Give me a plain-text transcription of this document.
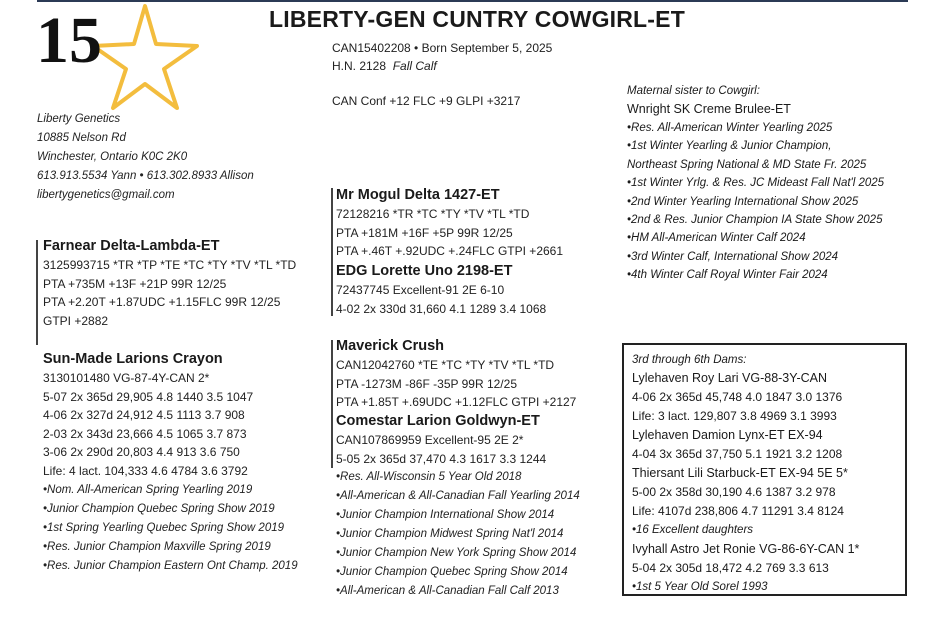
15	LIBERTY-GEN CUNTRY COWGIRL-ET
CAN15402208 • Born September 5, 2025
H.N. 2128  Fall Calf
CAN Conf +12 FLC +9 GLPI +3217
Liberty Genetics
10885 Nelson Rd
Winchester, Ontario K0C 2K0
613.913.5534 Yann • 613.302.8933 Allison
libertygenetics@gmail.com
Farnear Delta-Lambda-ET
3125993715 *TR *TP *TE *TC *TY *TV *TL *TD
PTA +735M +13F +21P 99R 12/25
PTA +2.20T +1.87UDC +1.15FLC 99R 12/25
GTPI +2882
Sun-Made Larions Crayon
3130101480 VG-87-4Y-CAN 2*
5-07 2x 365d 29,905 4.8 1440 3.5 1047
4-06 2x 327d 24,912 4.5 1113 3.7 908
2-03 2x 343d 23,666 4.5 1065 3.7 873
3-06 2x 290d 20,803 4.4 913 3.6 750
Life: 4 lact. 104,333 4.6 4784 3.6 3792
•Nom. All-American Spring Yearling 2019
•Junior Champion Quebec Spring Show 2019
•1st Spring Yearling Quebec Spring Show 2019
•Res. Junior Champion Maxville Spring 2019
•Res. Junior Champion Eastern Ont Champ. 2019
Mr Mogul Delta 1427-ET
72128216 *TR *TC *TY *TV *TL *TD
PTA +181M +16F +5P 99R 12/25
PTA +.46T +.92UDC +.24FLC GTPI +2661
EDG Lorette Uno 2198-ET
72437745 Excellent-91 2E 6-10
4-02 2x 330d 31,660 4.1 1289 3.4 1068
Maverick Crush
CAN12042760 *TE *TC *TY *TV *TL *TD
PTA -1273M -86F -35P 99R 12/25
PTA +1.85T +.69UDC +1.12FLC GTPI +2127
Comestar Larion Goldwyn-ET
CAN107869959 Excellent-95 2E 2*
5-05 2x 365d 37,470 4.3 1617 3.3 1244
•Res. All-Wisconsin 5 Year Old 2018
•All-American & All-Canadian Fall Yearling 2014
•Junior Champion International Show 2014
•Junior Champion Midwest Spring Nat'l 2014
•Junior Champion New York Spring Show 2014
•Junior Champion Quebec Spring Show 2014
•All-American & All-Canadian Fall Calf 2013
Maternal sister to Cowgirl:
Wnright SK Creme Brulee-ET
•Res. All-American Winter Yearling 2025
•1st Winter Yearling & Junior Champion,
Northeast Spring National & MD State Fr. 2025
•1st Winter Yrlg. & Res. JC Mideast Fall Nat'l 2025
•2nd Winter Yearling International Show 2025
•2nd & Res. Junior Champion IA State Show 2025
•HM All-American Winter Calf 2024
•3rd Winter Calf, International Show 2024
•4th Winter Calf Royal Winter Fair 2024
3rd through 6th Dams:
Lylehaven Roy Lari VG-88-3Y-CAN
4-06 2x 365d 45,748 4.0 1847 3.0 1376
Life: 3 lact. 129,807 3.8 4969 3.1 3993
Lylehaven Damion Lynx-ET EX-94
4-04 3x 365d 37,750 5.1 1921 3.2 1208
Thiersant Lili Starbuck-ET EX-94 5E 5*
5-00 2x 358d 30,190 4.6 1387 3.2 978
Life: 4107d 238,806 4.7 11291 3.4 8124
•16 Excellent daughters
Ivyhall Astro Jet Ronie VG-86-6Y-CAN 1*
5-04 2x 305d 18,472 4.2 769 3.3 613
•1st 5 Year Old Sorel 1993
